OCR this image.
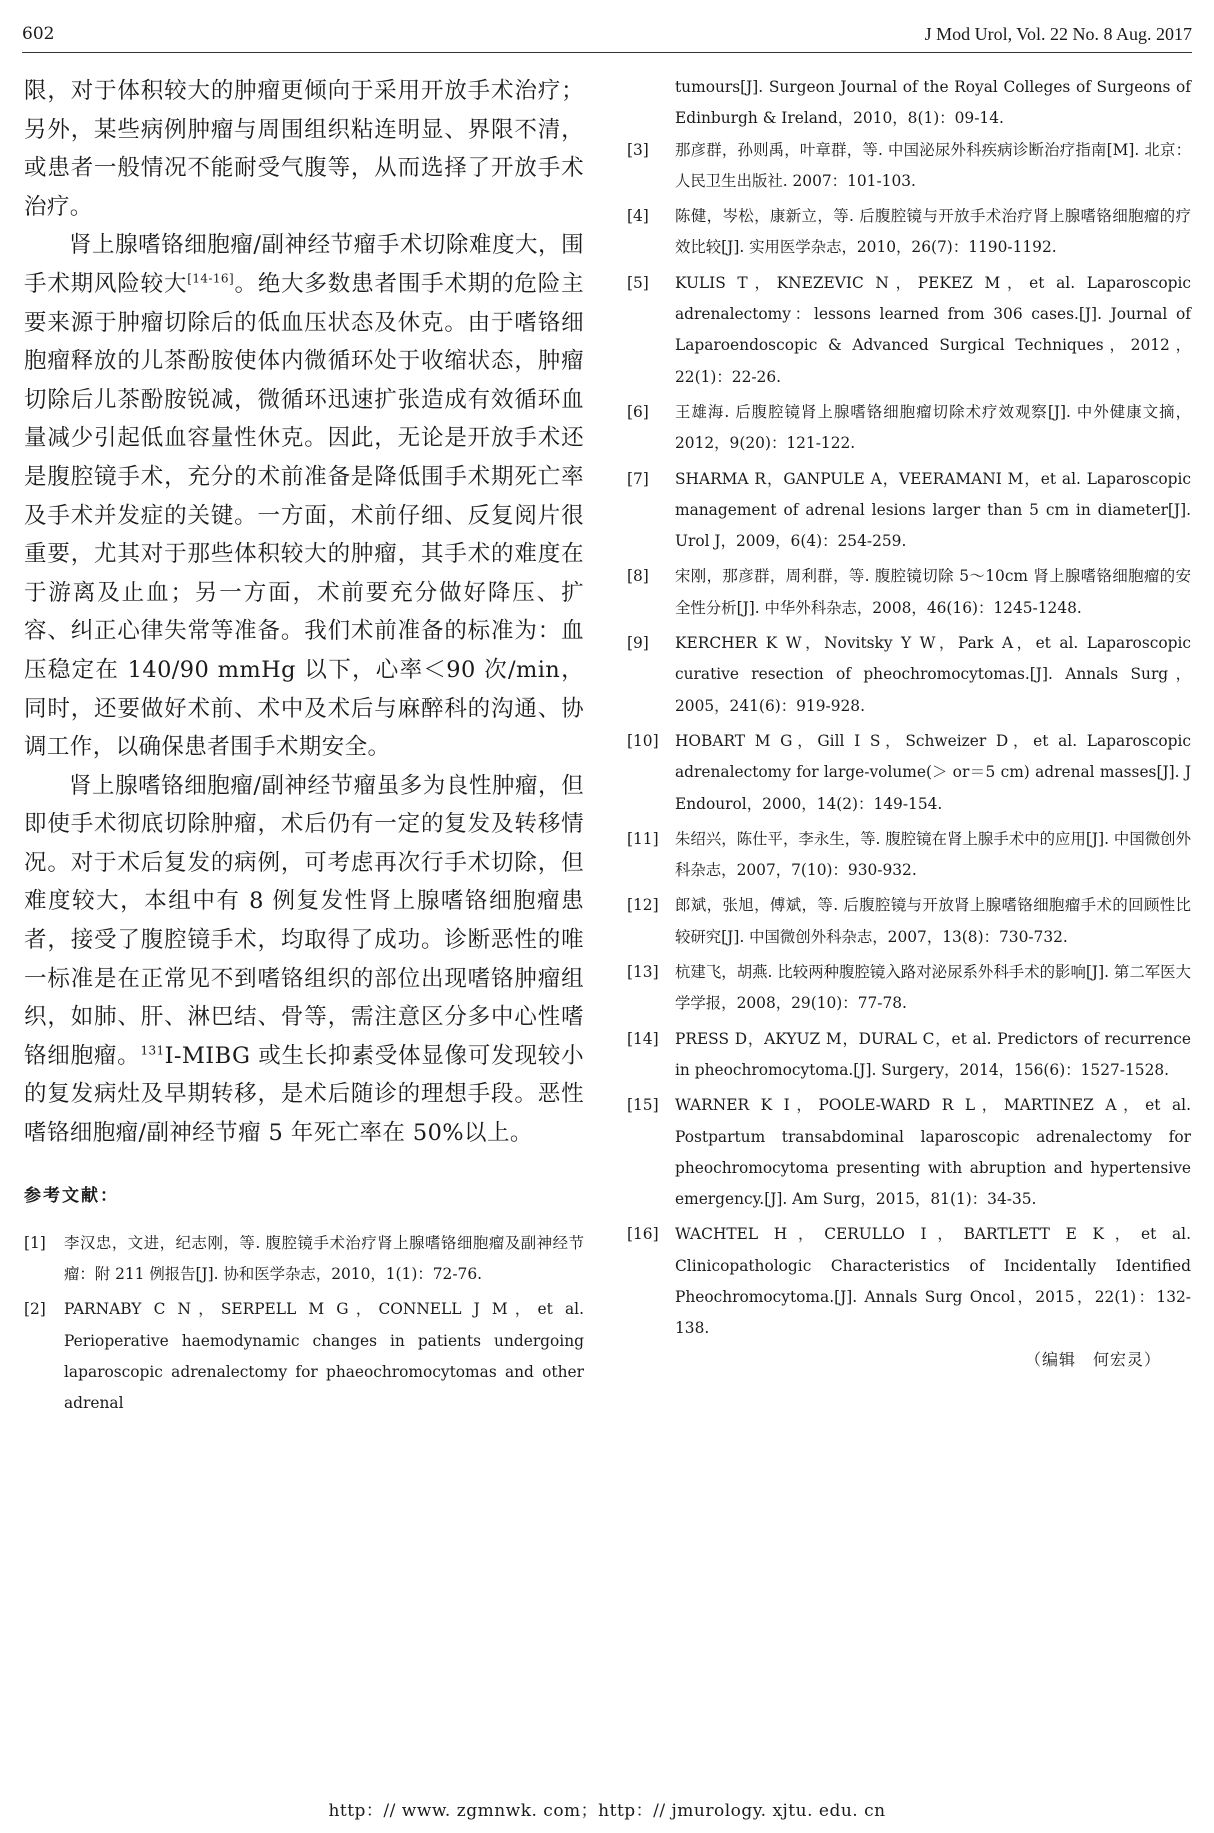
602	J Mod Urol, Vol. 22 No. 8 Aug. 2017

限，对于体积较大的肿瘤更倾向于采用开放手术治疗；另外，某些病例肿瘤与周围组织粘连明显、界限不清，或患者一般情况不能耐受气腹等，从而选择了开放手术治疗。

肾上腺嗜铬细胞瘤/副神经节瘤手术切除难度大，围手术期风险较大[14-16]。绝大多数患者围手术期的危险主要来源于肿瘤切除后的低血压状态及休克。由于嗜铬细胞瘤释放的儿茶酚胺使体内微循环处于收缩状态，肿瘤切除后儿茶酚胺锐减，微循环迅速扩张造成有效循环血量减少引起低血容量性休克。因此，无论是开放手术还是腹腔镜手术，充分的术前准备是降低围手术期死亡率及手术并发症的关键。一方面，术前仔细、反复阅片很重要，尤其对于那些体积较大的肿瘤，其手术的难度在于游离及止血；另一方面，术前要充分做好降压、扩容、纠正心律失常等准备。我们术前准备的标准为：血压稳定在 140/90 mmHg 以下，心率＜90 次/min，同时，还要做好术前、术中及术后与麻醉科的沟通、协调工作，以确保患者围手术期安全。

肾上腺嗜铬细胞瘤/副神经节瘤虽多为良性肿瘤，但即使手术彻底切除肿瘤，术后仍有一定的复发及转移情况。对于术后复发的病例，可考虑再次行手术切除，但难度较大，本组中有 8 例复发性肾上腺嗜铬细胞瘤患者，接受了腹腔镜手术，均取得了成功。诊断恶性的唯一标准是在正常见不到嗜铬组织的部位出现嗜铬肿瘤组织，如肺、肝、淋巴结、骨等，需注意区分多中心性嗜铬细胞瘤。$^{131}$I-MIBG 或生长抑素受体显像可发现较小的复发病灶及早期转移，是术后随诊的理想手段。恶性嗜铬细胞瘤/副神经节瘤 5 年死亡率在 50%以上。

参考文献：
[1]	李汉忠，文进，纪志刚，等. 腹腔镜手术治疗肾上腺嗜铬细胞瘤及副神经节瘤：附 211 例报告[J]. 协和医学杂志，2010，1(1)：72-76.
[2]	PARNABY C N，SERPELL M G，CONNELL J M，et al. Perioperative haemodynamic changes in patients undergoing laparoscopic adrenalectomy for phaeochromocytomas and other adrenal
tumours[J]. Surgeon Journal of the Royal Colleges of Surgeons of Edinburgh & Ireland，2010，8(1)：09-14.
[3]	那彦群，孙则禹，叶章群，等. 中国泌尿外科疾病诊断治疗指南[M]. 北京：人民卫生出版社. 2007：101-103.
[4]	陈健，岑松，康新立，等. 后腹腔镜与开放手术治疗肾上腺嗜铬细胞瘤的疗效比较[J]. 实用医学杂志，2010，26(7)：1190-1192.
[5]	KULIS T，KNEZEVIC N，PEKEZ M，et al. Laparoscopic adrenalectomy：lessons learned from 306 cases.[J]. Journal of Laparoendoscopic & Advanced Surgical Techniques，2012，22(1)：22-26.
[6]	王雄海. 后腹腔镜肾上腺嗜铬细胞瘤切除术疗效观察[J]. 中外健康文摘，2012，9(20)：121-122.
[7]	SHARMA R，GANPULE A，VEERAMANI M，et al. Laparoscopic management of adrenal lesions larger than 5 cm in diameter[J]. Urol J，2009，6(4)：254-259.
[8]	宋刚，那彦群，周利群，等. 腹腔镜切除 5～10cm 肾上腺嗜铬细胞瘤的安全性分析[J]. 中华外科杂志，2008，46(16)：1245-1248.
[9]	KERCHER K W，Novitsky Y W，Park A，et al. Laparoscopic curative resection of pheochromocytomas.[J]. Annals Surg，2005，241(6)：919-928.
[10]	HOBART M G，Gill I S，Schweizer D，et al. Laparoscopic adrenalectomy for large-volume(＞ or＝5 cm) adrenal masses[J]. J Endourol，2000，14(2)：149-154.
[11]	朱绍兴，陈仕平，李永生，等. 腹腔镜在肾上腺手术中的应用[J]. 中国微创外科杂志，2007，7(10)：930-932.
[12]	郎斌，张旭，傅斌，等. 后腹腔镜与开放肾上腺嗜铬细胞瘤手术的回顾性比较研究[J]. 中国微创外科杂志，2007，13(8)：730-732.
[13]	杭建飞，胡燕. 比较两种腹腔镜入路对泌尿系外科手术的影响[J]. 第二军医大学学报，2008，29(10)：77-78.
[14]	PRESS D，AKYUZ M，DURAL C，et al. Predictors of recurrence in pheochromocytoma.[J]. Surgery，2014，156(6)：1527-1528.
[15]	WARNER K I，POOLE-WARD R L，MARTINEZ A，et al. Postpartum transabdominal laparoscopic adrenalectomy for pheochromocytoma presenting with abruption and hypertensive emergency.[J]. Am Surg，2015，81(1)：34-35.
[16]	WACHTEL H，CERULLO I，BARTLETT E K，et al. Clinicopathologic Characteristics of Incidentally Identified Pheochromocytoma.[J]. Annals Surg Oncol，2015，22(1)：132-138.
（编辑　何宏灵）
http：// www. zgmnwk. com；http：// jmurology. xjtu. edu. cn
